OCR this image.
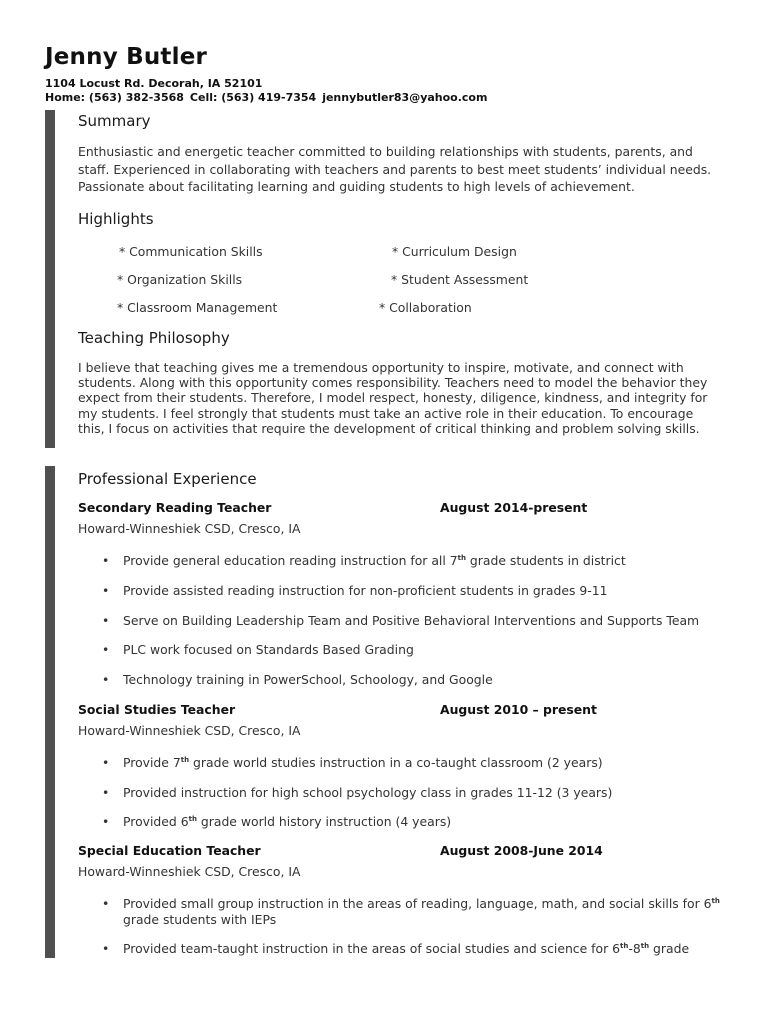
Jenny Butler
1104 Locust Rd. Decorah, IA 52101
Home: (563) 382-3568 Cell: (563) 419-7354 jennybutler83@yahoo.com
Summary
Enthusiastic and energetic teacher committed to building relationships with students, parents, and
staff. Experienced in collaborating with teachers and parents to best meet students’ individual needs.
Passionate about facilitating learning and guiding students to high levels of achievement.
Highlights
* Communication Skills	* Curriculum Design
* Organization Skills	* Student Assessment
* Classroom Management	* Collaboration
Teaching Philosophy
I believe that teaching gives me a tremendous opportunity to inspire, motivate, and connect with
students. Along with this opportunity comes responsibility. Teachers need to model the behavior they
expect from their students. Therefore, I model respect, honesty, diligence, kindness, and integrity for
my students. I feel strongly that students must take an active role in their education. To encourage
this, I focus on activities that require the development of critical thinking and problem solving skills.
Professional Experience
Secondary Reading Teacher	August 2014-present
Howard-Winneshiek CSD, Cresco, IA
• Provide general education reading instruction for all 7th grade students in district
• Provide assisted reading instruction for non-proficient students in grades 9-11
• Serve on Building Leadership Team and Positive Behavioral Interventions and Supports Team
• PLC work focused on Standards Based Grading
• Technology training in PowerSchool, Schoology, and Google
Social Studies Teacher	August 2010 – present
Howard-Winneshiek CSD, Cresco, IA
• Provide 7th grade world studies instruction in a co-taught classroom (2 years)
• Provided instruction for high school psychology class in grades 11-12 (3 years)
• Provided 6th grade world history instruction (4 years)
Special Education Teacher	August 2008-June 2014
Howard-Winneshiek CSD, Cresco, IA
• Provided small group instruction in the areas of reading, language, math, and social skills for 6th grade students with IEPs
• Provided team-taught instruction in the areas of social studies and science for 6th-8th grade
